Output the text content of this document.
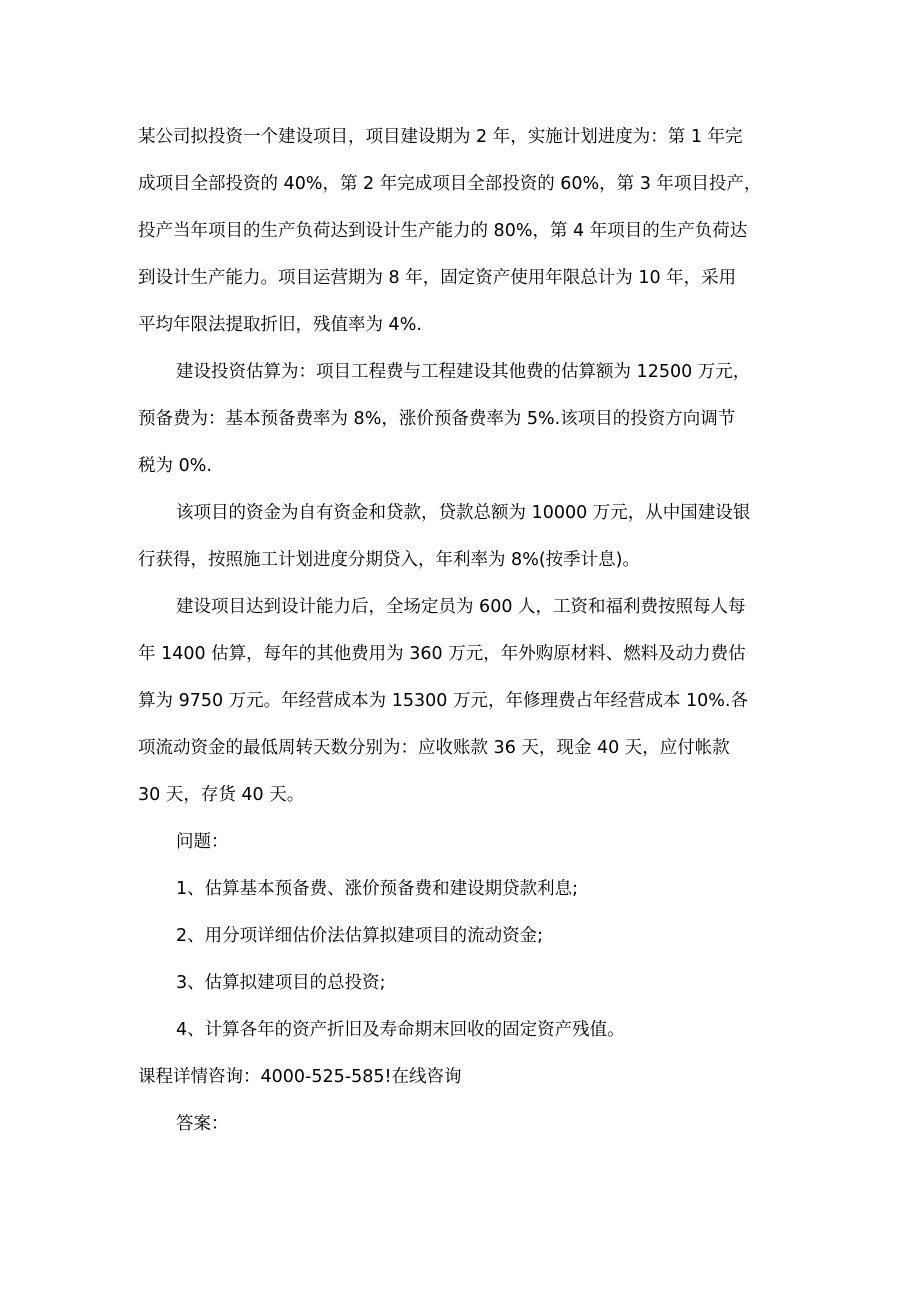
某公司拟投资一个建设项目，项目建设期为 2 年，实施计划进度为：第 1 年完
成项目全部投资的 40%，第 2 年完成项目全部投资的 60%，第 3 年项目投产，
投产当年项目的生产负荷达到设计生产能力的 80%，第 4 年项目的生产负荷达
到设计生产能力。项目运营期为 8 年，固定资产使用年限总计为 10 年，采用
平均年限法提取折旧，残值率为 4%.
建设投资估算为：项目工程费与工程建设其他费的估算额为 12500 万元，
预备费为：基本预备费率为 8%，涨价预备费率为 5%.该项目的投资方向调节
税为 0%.
该项目的资金为自有资金和贷款，贷款总额为 10000 万元，从中国建设银
行获得，按照施工计划进度分期贷入，年利率为 8%(按季计息)。
建设项目达到设计能力后，全场定员为 600 人，工资和福利费按照每人每
年 1400 估算，每年的其他费用为 360 万元，年外购原材料、燃料及动力费估
算为 9750 万元。年经营成本为 15300 万元，年修理费占年经营成本 10%.各
项流动资金的最低周转天数分别为：应收账款 36 天，现金 40 天，应付帐款
30 天，存货 40 天。
问题：
1、估算基本预备费、涨价预备费和建设期贷款利息;
2、用分项详细估价法估算拟建项目的流动资金;
3、估算拟建项目的总投资;
4、计算各年的资产折旧及寿命期末回收的固定资产残值。
课程详情咨询：4000-525-585!在线咨询
答案：
